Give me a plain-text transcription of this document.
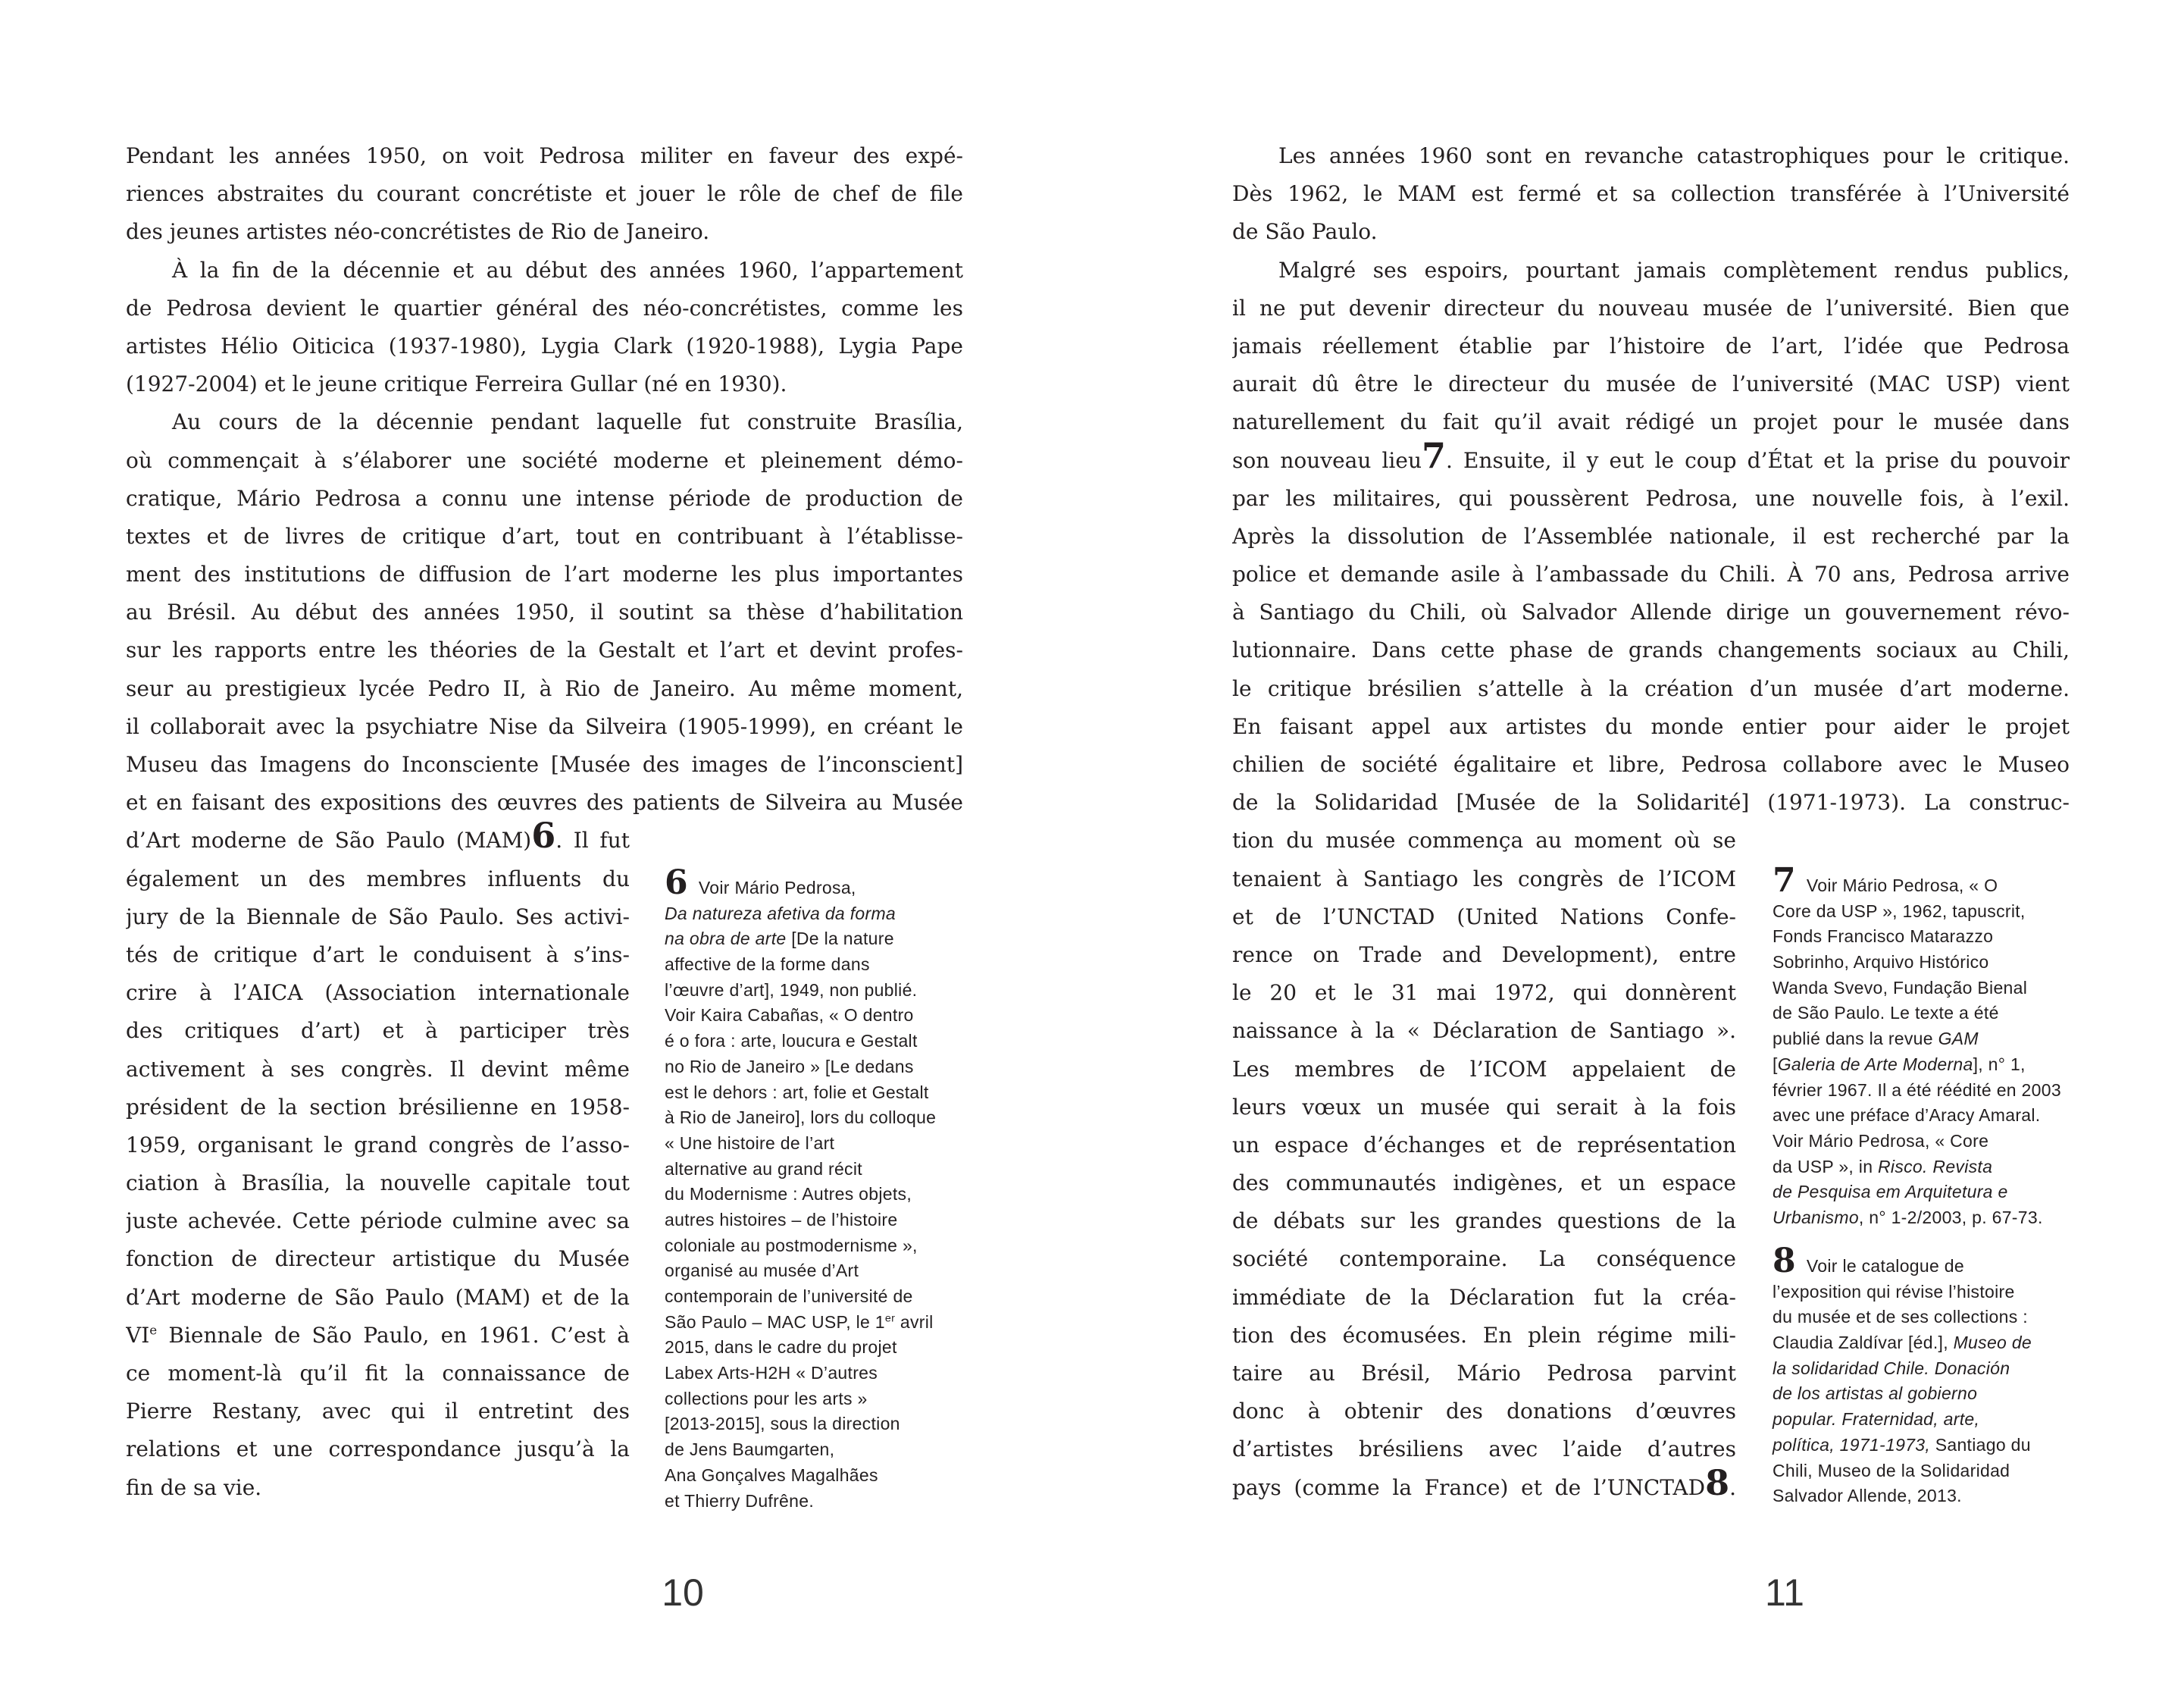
Pendant les années 1950, on voit Pedrosa militer en faveur des expé-
riences abstraites du courant concrétiste et jouer le rôle de chef de file
des jeunes artistes néo-concrétistes de Rio de Janeiro.
À la fin de la décennie et au début des années 1960, l’appartement
de Pedrosa devient le quartier général des néo-concrétistes, comme les
artistes Hélio Oiticica (1937-1980), Lygia Clark (1920-1988), Lygia Pape
(1927-2004) et le jeune critique Ferreira Gullar (né en 1930).
Au cours de la décennie pendant laquelle fut construite Brasília,
où commençait à s’élaborer une société moderne et pleinement démo-
cratique, Mário Pedrosa a connu une intense période de production de
textes et de livres de critique d’art, tout en contribuant à l’établisse-
ment des institutions de diffusion de l’art moderne les plus importantes
au Brésil. Au début des années 1950, il soutint sa thèse d’habilitation
sur les rapports entre les théories de la Gestalt et l’art et devint profes-
seur au prestigieux lycée Pedro II, à Rio de Janeiro. Au même moment,
il collaborait avec la psychiatre Nise da Silveira (1905-1999), en créant le
Museu das Imagens do Inconsciente [Musée des images de l’inconscient]
et en faisant des expositions des œuvres des patients de Silveira au Musée
d’Art moderne de São Paulo (MAM)6. Il fut
également un des membres influents du
jury de la Biennale de São Paulo. Ses activi-
tés de critique d’art le conduisent à s’ins-
crire à l’AICA (Association internationale
des critiques d’art) et à participer très
activement à ses congrès. Il devint même
président de la section brésilienne en 1958-
1959, organisant le grand congrès de l’asso-
ciation à Brasília, la nouvelle capitale tout
juste achevée. Cette période culmine avec sa
fonction de directeur artistique du Musée
d’Art moderne de São Paulo (MAM) et de la
VIe Biennale de São Paulo, en 1961. C’est à
ce moment-là qu’il fit la connaissance de
Pierre Restany, avec qui il entretint des
relations et une correspondance jusqu’à la
fin de sa vie.
Les années 1960 sont en revanche catastrophiques pour le critique.
Dès 1962, le MAM est fermé et sa collection transférée à l’Université
de São Paulo.
Malgré ses espoirs, pourtant jamais complètement rendus publics,
il ne put devenir directeur du nouveau musée de l’université. Bien que
jamais réellement établie par l’histoire de l’art, l’idée que Pedrosa
aurait dû être le directeur du musée de l’université (MAC USP) vient
naturellement du fait qu’il avait rédigé un projet pour le musée dans
son nouveau lieu7. Ensuite, il y eut le coup d’État et la prise du pouvoir
par les militaires, qui poussèrent Pedrosa, une nouvelle fois, à l’exil.
Après la dissolution de l’Assemblée nationale, il est recherché par la
police et demande asile à l’ambassade du Chili. À 70 ans, Pedrosa arrive
à Santiago du Chili, où Salvador Allende dirige un gouvernement révo-
lutionnaire. Dans cette phase de grands changements sociaux au Chili,
le critique brésilien s’attelle à la création d’un musée d’art moderne.
En faisant appel aux artistes du monde entier pour aider le projet
chilien de société égalitaire et libre, Pedrosa collabore avec le Museo
de la Solidaridad [Musée de la Solidarité] (1971-1973). La construc-
tion du musée commença au moment où se
tenaient à Santiago les congrès de l’ICOM
et de l’UNCTAD (United Nations Confe-
rence on Trade and Development), entre
le 20 et le 31 mai 1972, qui donnèrent
naissance à la « Déclaration de Santiago ».
Les membres de l’ICOM appelaient de
leurs vœux un musée qui serait à la fois
un espace d’échanges et de représentation
des communautés indigènes, et un espace
de débats sur les grandes questions de la
société contemporaine. La conséquence
immédiate de la Déclaration fut la créa-
tion des écomusées. En plein régime mili-
taire au Brésil, Mário Pedrosa parvint
donc à obtenir des donations d’œuvres
d’artistes brésiliens avec l’aide d’autres
pays (comme la France) et de l’UNCTAD8.
6 Voir Mário Pedrosa,
Da natureza afetiva da forma
na obra de arte [De la nature
affective de la forme dans
l’œuvre d’art], 1949, non publié.
Voir Kaira Cabañas, « O dentro
é o fora : arte, loucura e Gestalt
no Rio de Janeiro » [Le dedans
est le dehors : art, folie et Gestalt
à Rio de Janeiro], lors du colloque
« Une histoire de l’art
alternative au grand récit
du Modernisme : Autres objets,
autres histoires – de l’histoire
coloniale au postmodernisme »,
organisé au musée d’Art
contemporain de l’université de
São Paulo – MAC USP, le 1er avril
2015, dans le cadre du projet
Labex Arts-H2H « D’autres
collections pour les arts »
[2013-2015], sous la direction
de Jens Baumgarten,
Ana Gonçalves Magalhães
et Thierry Dufrêne.
7 Voir Mário Pedrosa, « O
Core da USP », 1962, tapuscrit,
Fonds Francisco Matarazzo
Sobrinho, Arquivo Histórico
Wanda Svevo, Fundação Bienal
de São Paulo. Le texte a été
publié dans la revue GAM
[Galeria de Arte Moderna], n° 1,
février 1967. Il a été réédité en 2003
avec une préface d’Aracy Amaral.
Voir Mário Pedrosa, « Core
da USP », in Risco. Revista
de Pesquisa em Arquitetura e
Urbanismo, n° 1-2/2003, p. 67-73.
8 Voir le catalogue de
l’exposition qui révise l’histoire
du musée et de ses collections :
Claudia Zaldívar [éd.], Museo de
la solidaridad Chile. Donación
de los artistas al gobierno
popular. Fraternidad, arte,
política, 1971-1973, Santiago du
Chili, Museo de la Solidaridad
Salvador Allende, 2013.
10	11
